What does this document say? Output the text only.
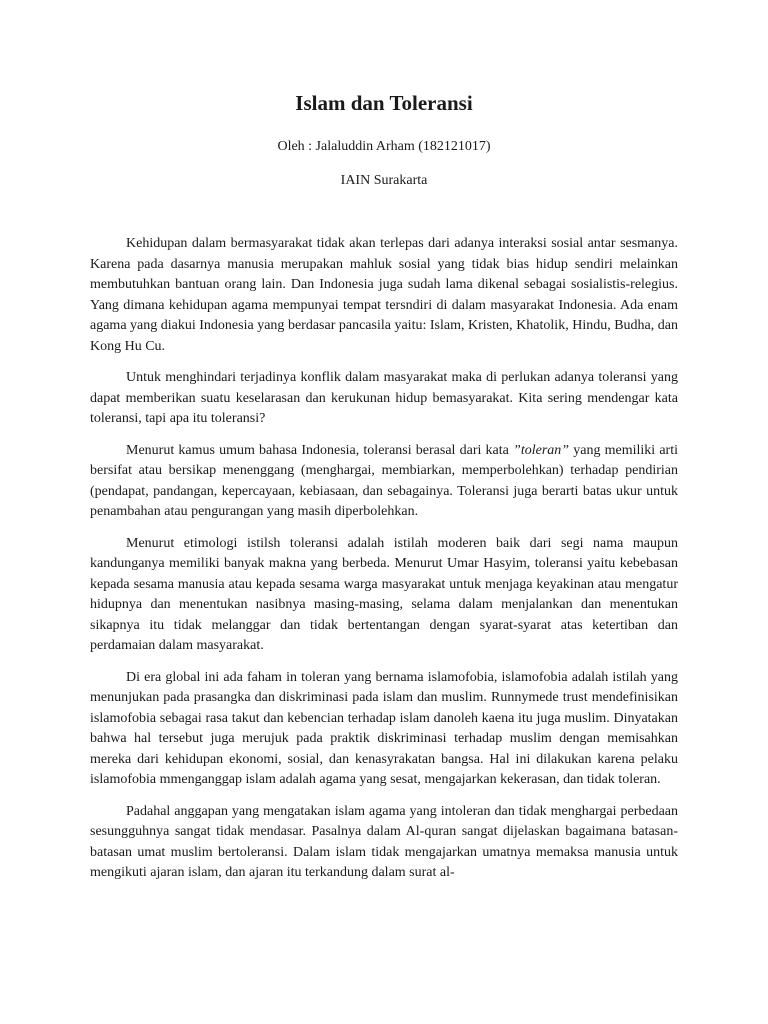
Islam dan Toleransi

Oleh : Jalaluddin Arham (182121017)

IAIN Surakarta

Kehidupan dalam bermasyarakat tidak akan terlepas dari adanya interaksi sosial antar sesmanya. Karena pada dasarnya manusia merupakan mahluk sosial yang tidak bias hidup sendiri melainkan membutuhkan bantuan orang lain. Dan Indonesia juga sudah lama dikenal sebagai sosialistis-relegius. Yang dimana kehidupan agama mempunyai tempat tersndiri di dalam masyarakat Indonesia. Ada enam agama yang diakui Indonesia yang berdasar pancasila yaitu: Islam, Kristen, Khatolik, Hindu, Budha, dan Kong Hu Cu.

Untuk menghindari terjadinya konflik dalam masyarakat maka di perlukan adanya toleransi yang dapat memberikan suatu keselarasan dan kerukunan hidup bemasyarakat. Kita sering mendengar kata toleransi, tapi apa itu toleransi?

Menurut kamus umum bahasa Indonesia, toleransi berasal dari kata ”toleran” yang memiliki arti bersifat atau bersikap menenggang (menghargai, membiarkan, memperbolehkan) terhadap pendirian (pendapat, pandangan, kepercayaan, kebiasaan, dan sebagainya. Toleransi juga berarti batas ukur untuk penambahan atau pengurangan yang masih diperbolehkan.

Menurut etimologi istilsh toleransi adalah istilah moderen baik dari segi nama maupun kandunganya memiliki banyak makna yang berbeda. Menurut Umar Hasyim, toleransi yaitu kebebasan kepada sesama manusia atau kepada sesama warga masyarakat untuk menjaga keyakinan atau mengatur hidupnya dan menentukan nasibnya masing-masing, selama dalam menjalankan dan menentukan sikapnya itu tidak melanggar dan tidak bertentangan dengan syarat-syarat atas ketertiban dan perdamaian dalam masyarakat.

Di era global ini ada faham in toleran yang bernama islamofobia, islamofobia adalah istilah yang menunjukan pada prasangka dan diskriminasi pada islam dan muslim. Runnymede trust mendefinisikan islamofobia sebagai rasa takut dan kebencian terhadap islam danoleh kaena itu juga muslim. Dinyatakan bahwa hal tersebut juga merujuk pada praktik diskriminasi terhadap muslim dengan memisahkan mereka dari kehidupan ekonomi, sosial, dan kenasyrakatan bangsa. Hal ini dilakukan karena pelaku islamofobia mmenganggap islam adalah agama yang sesat, mengajarkan kekerasan, dan tidak toleran.

Padahal anggapan yang mengatakan islam agama yang intoleran dan tidak menghargai perbedaan sesungguhnya sangat tidak mendasar. Pasalnya dalam Al-quran sangat dijelaskan bagaimana batasan-batasan umat muslim bertoleransi. Dalam islam tidak mengajarkan umatnya memaksa manusia untuk mengikuti ajaran islam, dan ajaran itu terkandung dalam surat al-
